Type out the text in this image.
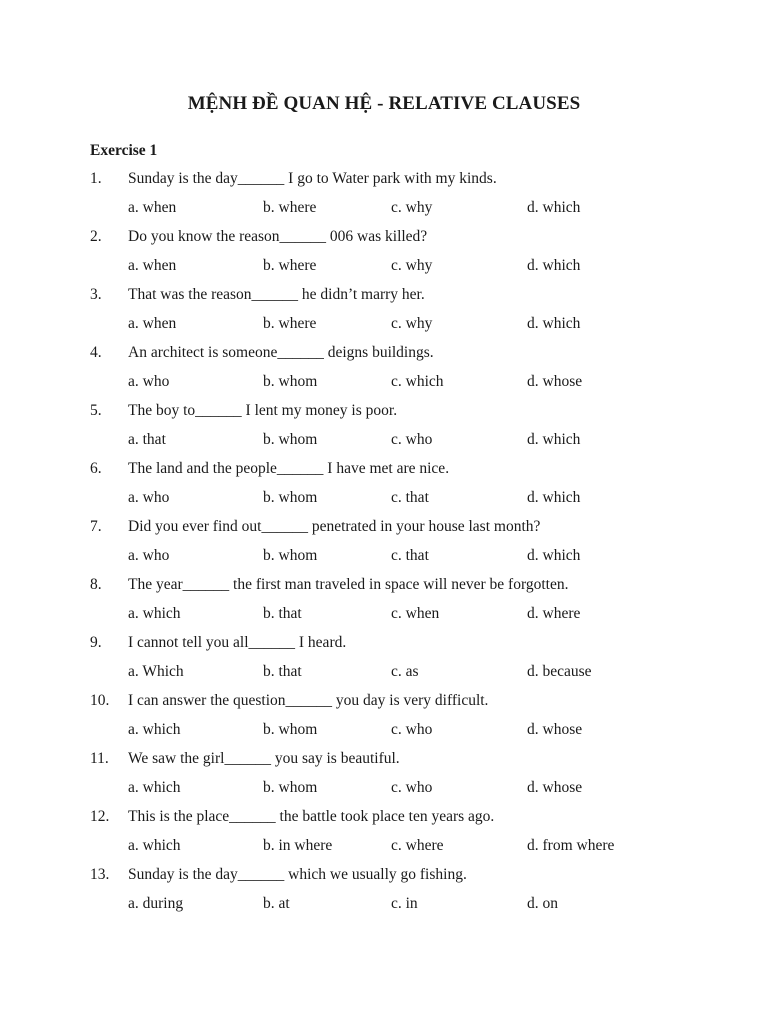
MỆNH ĐỀ QUAN HỆ - RELATIVE CLAUSES
Exercise 1
1. Sunday is the day______ I go to Water park with my kinds.
a. when	b. where	c. why	d. which
2. Do you know the reason______ 006 was killed?
a. when	b. where	c. why	d. which
3. That was the reason______ he didn’t marry her.
a. when	b. where	c. why	d. which
4. An architect is someone______ deigns buildings.
a. who	b. whom	c. which	d. whose
5. The boy to______ I lent my money is poor.
a. that	b. whom	c. who	d. which
6. The land and the people______ I have met are nice.
a. who	b. whom	c. that	d. which
7. Did you ever find out______ penetrated in your house last month?
a. who	b. whom	c. that	d. which
8. The year______ the first man traveled in space will never be forgotten.
a. which	b. that	c. when	d. where
9. I cannot tell you all______ I heard.
a. Which	b. that	c. as	d. because
10. I can answer the question______ you day is very difficult.
a. which	b. whom	c. who	d. whose
11. We saw the girl______ you say is beautiful.
a. which	b. whom	c. who	d. whose
12. This is the place______ the battle took place ten years ago.
a. which	b. in where	c. where	d. from where
13. Sunday is the day______ which we usually go fishing.
a. during	b. at	c. in	d. on
